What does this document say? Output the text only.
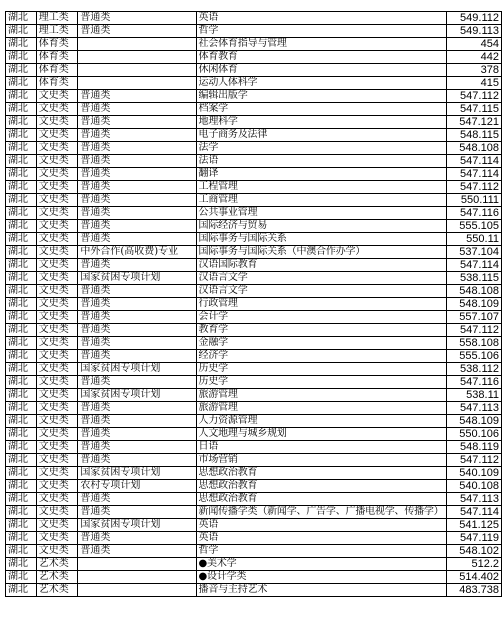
湖北	理工类	普通类	英语	549.112
湖北	理工类	普通类	哲学	549.113
湖北	体育类		社会体育指导与管理	454
湖北	体育类		体育教育	442
湖北	体育类		休闲体育	378
湖北	体育类		运动人体科学	415
湖北	文史类	普通类	编辑出版学	547.112
湖北	文史类	普通类	档案学	547.115
湖北	文史类	普通类	地理科学	547.121
湖北	文史类	普通类	电子商务及法律	548.115
湖北	文史类	普通类	法学	548.108
湖北	文史类	普通类	法语	547.114
湖北	文史类	普通类	翻译	547.114
湖北	文史类	普通类	工程管理	547.112
湖北	文史类	普通类	工商管理	550.111
湖北	文史类	普通类	公共事业管理	547.116
湖北	文史类	普通类	国际经济与贸易	555.105
湖北	文史类	普通类	国际事务与国际关系	550.11
湖北	文史类	中外合作(高收费)专业	国际事务与国际关系（中澳合作办学）	537.104
湖北	文史类	普通类	汉语国际教育	547.114
湖北	文史类	国家贫困专项计划	汉语言文学	538.115
湖北	文史类	普通类	汉语言文学	548.108
湖北	文史类	普通类	行政管理	548.109
湖北	文史类	普通类	会计学	557.107
湖北	文史类	普通类	教育学	547.112
湖北	文史类	普通类	金融学	558.108
湖北	文史类	普通类	经济学	555.106
湖北	文史类	国家贫困专项计划	历史学	538.112
湖北	文史类	普通类	历史学	547.116
湖北	文史类	国家贫困专项计划	旅游管理	538.11
湖北	文史类	普通类	旅游管理	547.113
湖北	文史类	普通类	人力资源管理	548.109
湖北	文史类	普通类	人文地理与城乡规划	550.106
湖北	文史类	普通类	日语	548.119
湖北	文史类	普通类	市场营销	547.112
湖北	文史类	国家贫困专项计划	思想政治教育	540.109
湖北	文史类	农村专项计划	思想政治教育	540.108
湖北	文史类	普通类	思想政治教育	547.113
湖北	文史类	普通类	新闻传播学类（新闻学、广告学、广播电视学、传播学）	547.114
湖北	文史类	国家贫困专项计划	英语	541.125
湖北	文史类	普通类	英语	547.119
湖北	文史类	普通类	哲学	548.102
湖北	艺术类		●美术学	512.2
湖北	艺术类		●设计学类	514.402
湖北	艺术类		播音与主持艺术	483.738
